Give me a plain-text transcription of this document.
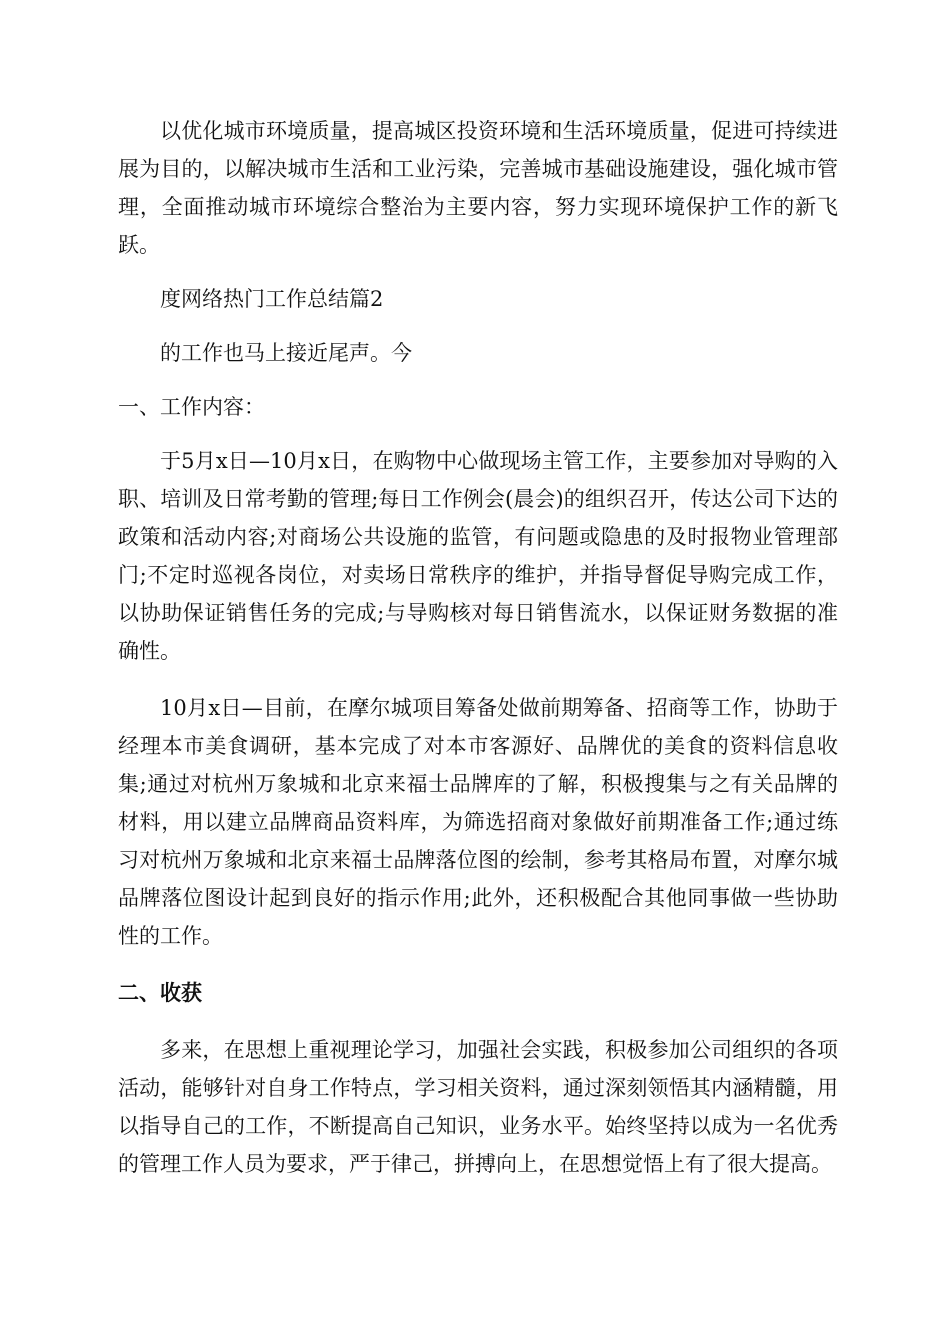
以优化城市环境质量，提高城区投资环境和生活环境质量，促进可持续进展为目的，以解决城市生活和工业污染，完善城市基础设施建设，强化城市管理，全面推动城市环境综合整治为主要内容，努力实现环境保护工作的新飞跃。

度网络热门工作总结篇2

的工作也马上接近尾声。今

一、工作内容：

于5月x日—10月x日，在购物中心做现场主管工作，主要参加对导购的入职、培训及日常考勤的管理;每日工作例会(晨会)的组织召开，传达公司下达的政策和活动内容;对商场公共设施的监管，有问题或隐患的及时报物业管理部门;不定时巡视各岗位，对卖场日常秩序的维护，并指导督促导购完成工作，以协助保证销售任务的完成;与导购核对每日销售流水，以保证财务数据的准确性。

10月x日—目前，在摩尔城项目筹备处做前期筹备、招商等工作，协助于经理本市美食调研，基本完成了对本市客源好、品牌优的美食的资料信息收集;通过对杭州万象城和北京来福士品牌库的了解，积极搜集与之有关品牌的材料，用以建立品牌商品资料库，为筛选招商对象做好前期准备工作;通过练习对杭州万象城和北京来福士品牌落位图的绘制，参考其格局布置，对摩尔城品牌落位图设计起到良好的指示作用;此外，还积极配合其他同事做一些协助性的工作。

二、收获

多来，在思想上重视理论学习，加强社会实践，积极参加公司组织的各项活动，能够针对自身工作特点，学习相关资料，通过深刻领悟其内涵精髓，用以指导自己的工作，不断提高自己知识，业务水平。始终坚持以成为一名优秀的管理工作人员为要求，严于律己，拼搏向上，在思想觉悟上有了很大提高。
